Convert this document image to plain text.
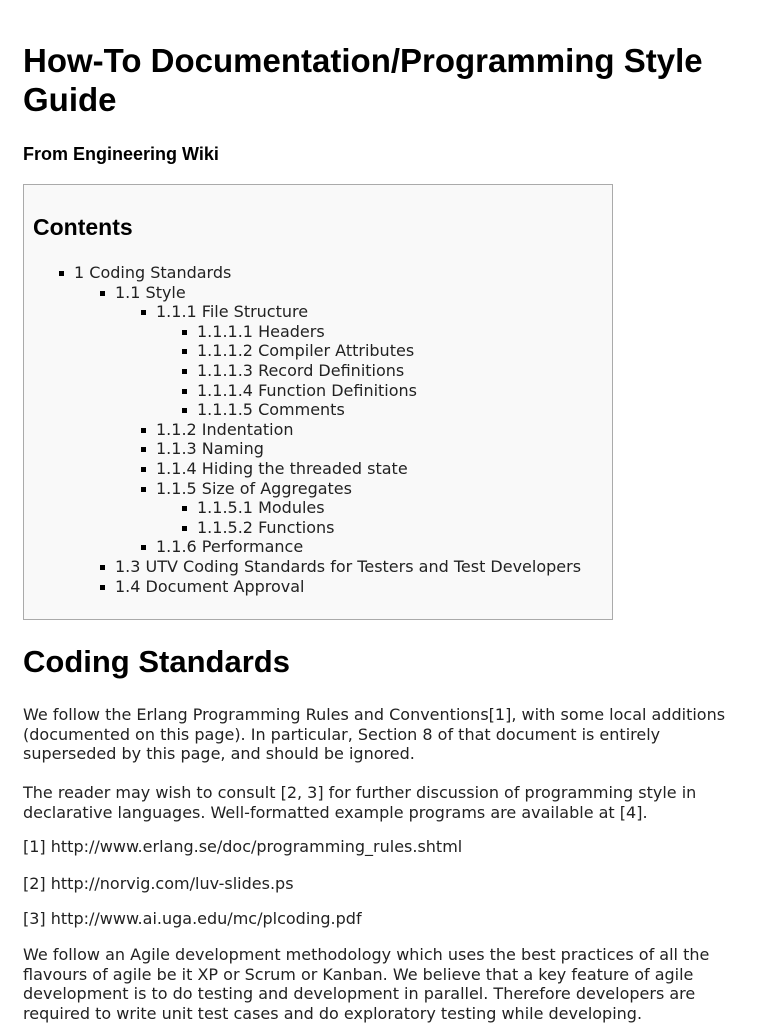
How-To Documentation/Programming Style Guide
From Engineering Wiki
Contents
1 Coding Standards
1.1 Style
1.1.1 File Structure
1.1.1.1 Headers
1.1.1.2 Compiler Attributes
1.1.1.3 Record Definitions
1.1.1.4 Function Definitions
1.1.1.5 Comments
1.1.2 Indentation
1.1.3 Naming
1.1.4 Hiding the threaded state
1.1.5 Size of Aggregates
1.1.5.1 Modules
1.1.5.2 Functions
1.1.6 Performance
1.3 UTV Coding Standards for Testers and Test Developers
1.4 Document Approval
Coding Standards

We follow the Erlang Programming Rules and Conventions[1], with some local additions (documented on this page). In particular, Section 8 of that document is entirely superseded by this page, and should be ignored.

The reader may wish to consult [2, 3] for further discussion of programming style in declarative languages. Well-formatted example programs are available at [4].

[1] http://www.erlang.se/doc/programming_rules.shtml

[2] http://norvig.com/luv-slides.ps

[3] http://www.ai.uga.edu/mc/plcoding.pdf

We follow an Agile development methodology which uses the best practices of all the flavours of agile be it XP or Scrum or Kanban. We believe that a key feature of agile development is to do testing and development in parallel. Therefore developers are required to write unit test cases and do exploratory testing while developing.
